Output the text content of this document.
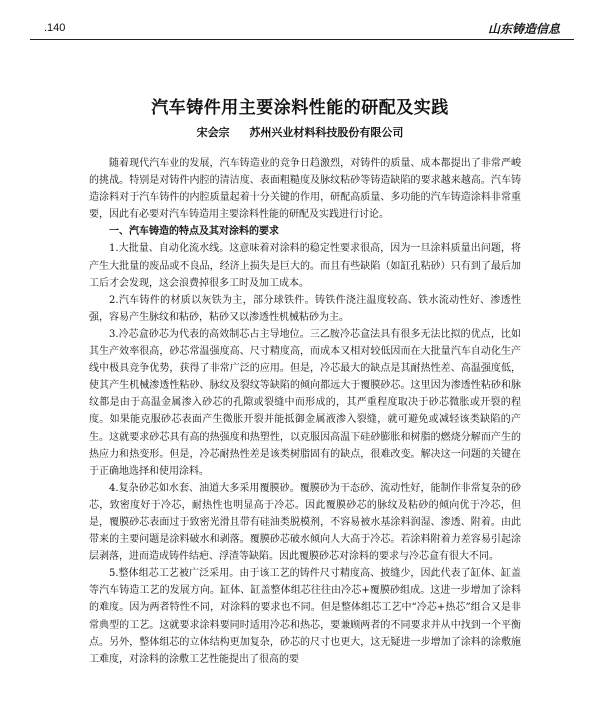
.140	山东铸造信息
汽车铸件用主要涂料性能的研配及实践
宋会宗 苏州兴业材料科技股份有限公司

随着现代汽车业的发展，汽车铸造业的竞争日趋激烈，对铸件的质量、成本都提出了非常严峻的挑战。特别是对铸件内腔的清洁度、表面粗糙度及脉纹粘砂等铸造缺陷的要求越来越高。汽车铸造涂料对于汽车铸件的内腔质量起着十分关键的作用，研配高质量、多功能的汽车铸造涂料非常重要，因此有必要对汽车铸造用主要涂料性能的研配及实践进行讨论。

一、汽车铸造的特点及其对涂料的要求

1.大批量、自动化流水线。这意味着对涂料的稳定性要求很高，因为一旦涂料质量出问题，将产生大批量的废品或不良品，经济上损失是巨大的。而且有些缺陷（如缸孔粘砂）只有到了最后加工后才会发现，这会浪费掉很多工时及加工成本。

2.汽车铸件的材质以灰铁为主，部分球铁件。铸铁件浇注温度较高、铁水流动性好、渗透性强，容易产生脉纹和粘砂，粘砂又以渗透性机械粘砂为主。

3.冷芯盒砂芯为代表的高效制芯占主导地位。三乙胺冷芯盒法具有很多无法比拟的优点，比如其生产效率很高，砂芯常温强度高、尺寸精度高，而成本又相对较低因而在大批量汽车自动化生产线中极具竞争优势，获得了非常广泛的应用。但是，冷芯最大的缺点是其耐热性差、高温强度低，使其产生机械渗透性粘砂、脉纹及裂纹等缺陷的倾向都远大于覆膜砂芯。这里因为渗透性粘砂和脉纹都是由于高温金属渗入砂芯的孔隙或裂缝中而形成的，其严重程度取决于砂芯微胀或开裂的程度。如果能克服砂芯表面产生微胀开裂并能抵御金属液渗入裂缝，就可避免或减轻该类缺陷的产生。这就要求砂芯具有高的热强度和热塑性，以克服因高温下硅砂膨胀和树脂的燃烧分解而产生的热应力和热变形。但是，冷芯耐热性差是该类树脂固有的缺点，很难改变。解决这一问题的关键在于正确地选择和使用涂料。

4.复杂砂芯如水套、油道大多采用覆膜砂。覆膜砂为干态砂、流动性好，能制作非常复杂的砂芯，致密度好于冷芯，耐热性也明显高于冷芯。因此覆膜砂芯的脉纹及粘砂的倾向优于冷芯，但是，覆膜砂芯表面过于致密光滑且带有硅油类脱模剂，不容易被水基涂料润湿、渗透、附着。由此带来的主要问题是涂料破水和剥落。覆膜砂芯破水倾向人大高于冷芯。若涂料附着力差容易引起涂层剥落，进而造成铸件结疤、浮渣等缺陷。因此覆膜砂芯对涂料的要求与冷芯盒有很大不同。

5.整体组芯工艺被广泛采用。由于该工艺的铸件尺寸精度高、披缝少，因此代表了缸体、缸盖等汽车铸造工艺的发展方向。缸体、缸盖整体组芯往往由冷芯+覆膜砂组成。这进一步增加了涂料的难度。因为两者特性不同，对涂料的要求也不同。但是整体组芯工艺中“冷芯+热芯”组合又是非常典型的工艺。这就要求涂料要同时适用冷芯和热芯，要兼顾两者的不同要求并从中找到一个平衡点。另外，整体组芯的立体结构更加复杂，砂芯的尺寸也更大，这无疑进一步增加了涂料的涂敷施工难度，对涂料的涂敷工艺性能提出了很高的要
